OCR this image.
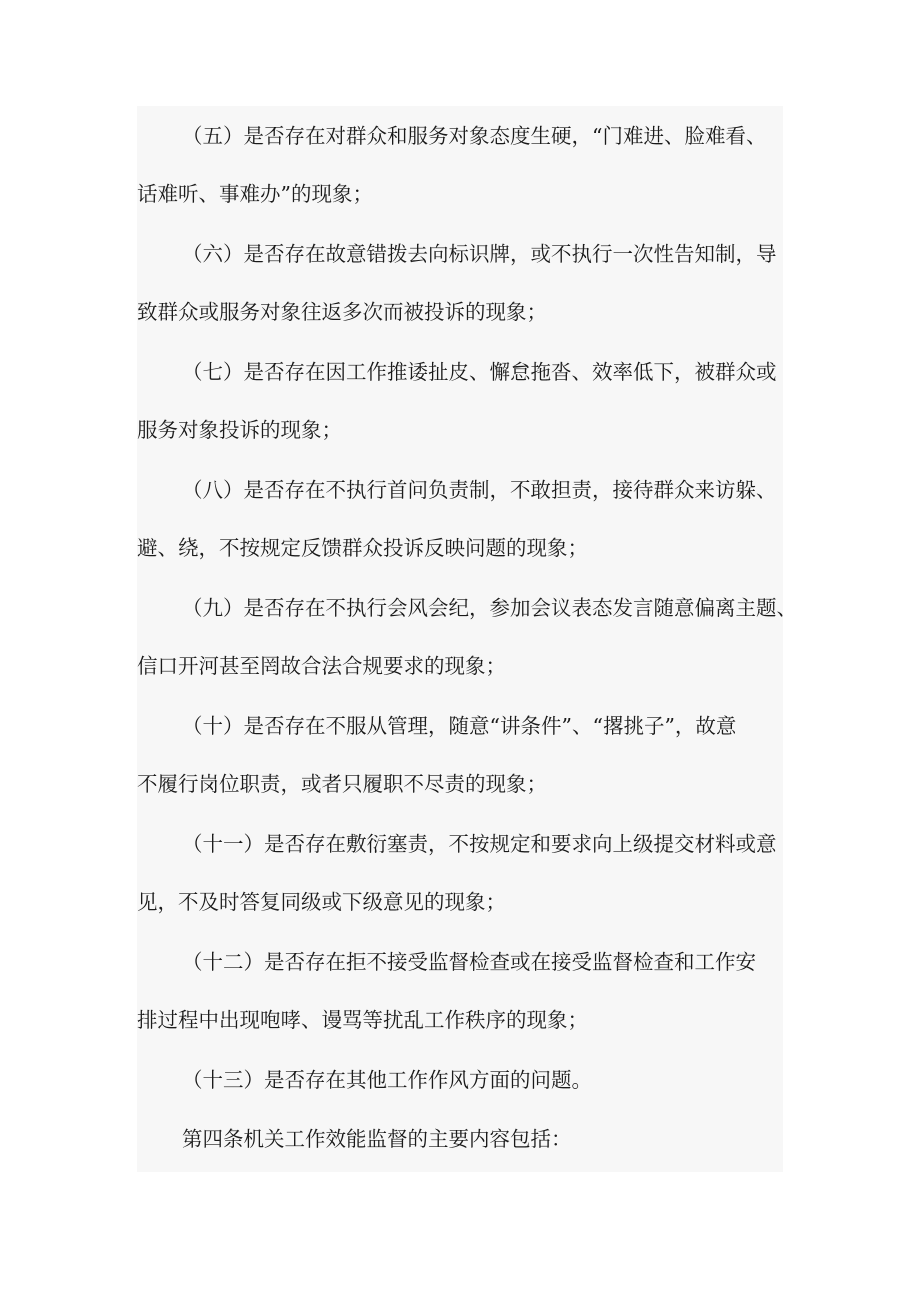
（五）是否存在对群众和服务对象态度生硬，“门难进、脸难看、
话难听、事难办”的现象；
（六）是否存在故意错拨去向标识牌，或不执行一次性告知制，导
致群众或服务对象往返多次而被投诉的现象；
（七）是否存在因工作推诿扯皮、懈怠拖沓、效率低下，被群众或
服务对象投诉的现象；
（八）是否存在不执行首问负责制，不敢担责，接待群众来访躲、
避、绕，不按规定反馈群众投诉反映问题的现象；
（九）是否存在不执行会风会纪，参加会议表态发言随意偏离主题、
信口开河甚至罔故合法合规要求的现象；
（十）是否存在不服从管理，随意“讲条件”、“撂挑子”，故意
不履行岗位职责，或者只履职不尽责的现象；
（十一）是否存在敷衍塞责，不按规定和要求向上级提交材料或意
见，不及时答复同级或下级意见的现象；
（十二）是否存在拒不接受监督检查或在接受监督检查和工作安
排过程中出现咆哮、谩骂等扰乱工作秩序的现象；
（十三）是否存在其他工作作风方面的问题。
第四条机关工作效能监督的主要内容包括：
